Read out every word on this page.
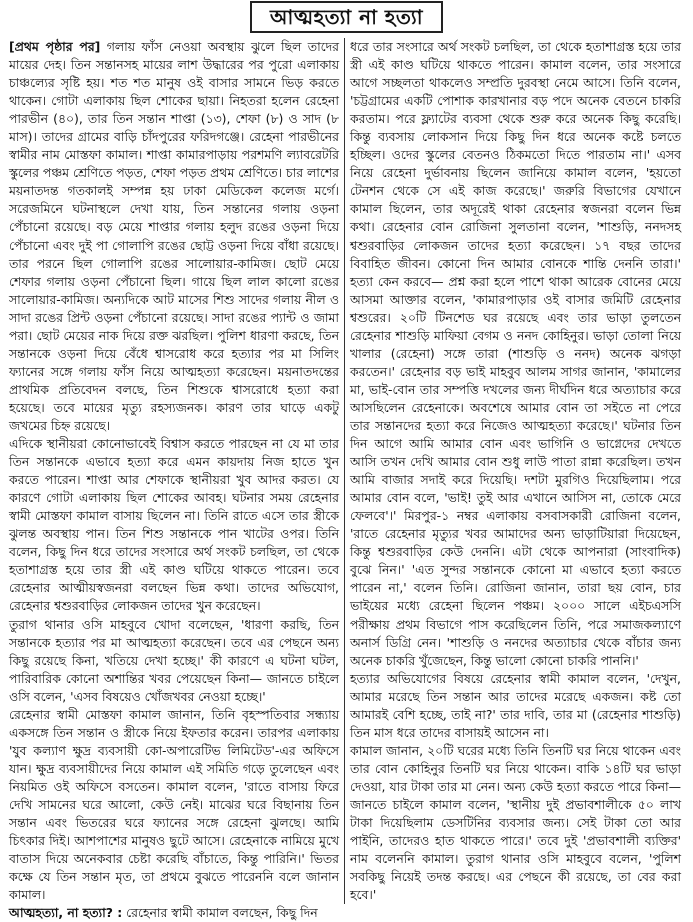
আত্মহত্যা না হত্যা

[প্রথম পৃষ্ঠার পর] গলায় ফাঁস নেওয়া অবস্থায় ঝুলে ছিল তাদের মায়ের দেহ। তিন সন্তানসহ মায়ের লাশ উদ্ধারের পর পুরো এলাকায় চাঞ্চল্যের সৃষ্টি হয়। শত শত মানুষ ওই বাসার সামনে ভিড় করতে থাকেন। গোটা এলাকায় ছিল শোকের ছায়া। নিহতরা হলেন রেহেনা পারভীন (৪০), তার তিন সন্তান শাপ্তা (১৩), শেফা (৮) ও সাদ (৮ মাস)। তাদের গ্রামের বাড়ি চাঁদপুরের ফরিদগঞ্জে। রেহেনা পারভীনের স্বামীর নাম মোস্তফা কামাল। শাপ্তা কামারপাড়ায় পরশমণি ল্যাবরেটরি স্কুলের পঞ্চম শ্রেণিতে পড়ত, শেফা পড়ত প্রথম শ্রেণিতে। চার লাশের ময়নাতদন্ত গতকালই সম্পন্ন হয় ঢাকা মেডিকেল কলেজ মর্গে। সরেজমিনে ঘটনাস্থলে দেখা যায়, তিন সন্তানের গলায় ওড়না পেঁচানো রয়েছে। বড় মেয়ে শাপ্তার গলায় হলুদ রঙের ওড়না দিয়ে পেঁচানো এবং দুই পা গোলাপি রঙের ছোট্ট ওড়না দিয়ে বাঁধা রয়েছে। তার পরনে ছিল গোলাপি রঙের সালোয়ার-কামিজ। ছোট মেয়ে শেফার গলায় ওড়না পেঁচানো ছিল। গায়ে ছিল লাল কালো রঙের সালোয়ার-কামিজ। অন্যদিকে আট মাসের শিশু সাদের গলায় নীল ও সাদা রঙের প্রিন্ট ওড়না পেঁচানো রয়েছে। সাদা রঙের প্যান্ট ও জামা পরা। ছোট মেয়ের নাক দিয়ে রক্ত ঝরছিল। পুলিশ ধারণা করছে, তিন সন্তানকে ওড়না দিয়ে বেঁধে শ্বাসরোধ করে হত্যার পর মা সিলিং ফ্যানের সঙ্গে গলায় ফাঁস নিয়ে আত্মহত্যা করেছেন। ময়নাতদন্তের প্রাথমিক প্রতিবেদন বলছে, তিন শিশুকে শ্বাসরোধে হত্যা করা হয়েছে। তবে মায়ের মৃত্যু রহস্যজনক। কারণ তার ঘাড়ে একটু জখমের চিহ্ন রয়েছে।

এদিকে স্থানীয়রা কোনোভাবেই বিশ্বাস করতে পারছেন না যে মা তার তিন সন্তানকে এভাবে হত্যা করে এমন কায়দায় নিজ হাতে খুন করতে পারেন। শাপ্তা আর শেফাকে স্থানীয়রা খুব আদর করত। যে কারণে গোটা এলাকায় ছিল শোকের আবহ। ঘটনার সময় রেহেনার স্বামী মোস্তফা কামাল বাসায় ছিলেন না। তিনি রাতে এসে তার স্ত্রীকে ঝুলন্ত অবস্থায় পান। তিন শিশু সন্তানকে পান খাটের ওপর। তিনি বলেন, কিছু দিন ধরে তাদের সংসারে অর্থ সংকট চলছিল, তা থেকে হতাশাগ্রস্ত হয়ে তার স্ত্রী এই কাণ্ড ঘটিয়ে থাকতে পারেন। তবে রেহেনার আত্মীয়স্বজনরা বলছেন ভিন্ন কথা। তাদের অভিযোগ, রেহেনার শ্বশুরবাড়ির লোকজন তাদের খুন করেছেন।

তুরাগ থানার ওসি মাহবুবে খোদা বলেছেন, 'ধারণা করছি, তিন সন্তানকে হত্যার পর মা আত্মহত্যা করেছেন। তবে এর পেছনে অন্য কিছু রয়েছে কিনা, খতিয়ে দেখা হচ্ছে।' কী কারণে এ ঘটনা ঘটল, পারিবারিক কোনো অশান্তির খবর পেয়েছেন কিনা— জানতে চাইলে ওসি বলেন, 'এসব বিষয়েও খোঁজখবর নেওয়া হচ্ছে।'

রেহেনার স্বামী মোস্তফা কামাল জানান, তিনি বৃহস্পতিবার সন্ধ্যায় একসঙ্গে তিন সন্তান ও স্ত্রীকে নিয়ে ইফতার করেন। তারপর এলাকায় 'যুব কল্যাণ ক্ষুদ্র ব্যবসায়ী কো-অপারেটিভ লিমিটেড'-এর অফিসে যান। ক্ষুদ্র ব্যবসায়ীদের নিয়ে কামাল এই সমিতি গড়ে তুলেছেন এবং নিয়মিত ওই অফিসে বসতেন। কামাল বলেন, 'রাতে বাসায় ফিরে দেখি সামনের ঘরে আলো, কেউ নেই। মাঝের ঘরে বিছানায় তিন সন্তান এবং ভিতরের ঘরে ফ্যানের সঙ্গে রেহেনা ঝুলছে। আমি চিৎকার দিই। আশপাশের মানুষও ছুটে আসে। রেহেনাকে নামিয়ে মুখে বাতাস দিয়ে অনেকবার চেষ্টা করেছি বাঁচাতে, কিন্তু পারিনি।' ভিতর কক্ষে যে তিন সন্তান মৃত, তা প্রথমে বুঝতে পারেননি বলে জানান কামাল।

আত্মহত্যা, না হত্যা? : রেহেনার স্বামী কামাল বলছেন, কিছু দিন

ধরে তার সংসারে অর্থ সংকট চলছিল, তা থেকে হতাশাগ্রস্ত হয়ে তার স্ত্রী এই কাণ্ড ঘটিয়ে থাকতে পারেন। কামাল বলেন, তার সংসারে আগে সচ্ছলতা থাকলেও সম্প্রতি দুরবস্থা নেমে আসে। তিনি বলেন, 'চট্টগ্রামের একটি পোশাক কারখানার বড় পদে অনেক বেতনে চাকরি করতাম। পরে ফ্ল্যাটের ব্যবসা থেকে শুরু করে অনেক কিছু করেছি। কিন্তু ব্যবসায় লোকসান দিয়ে কিছু দিন ধরে অনেক কষ্টে চলতে হচ্ছিল। ওদের স্কুলের বেতনও ঠিকমতো দিতে পারতাম না।' এসব নিয়ে রেহেনা দুর্ভাবনায় ছিলেন জানিয়ে কামাল বলেন, 'হয়তো টেনশন থেকে সে এই কাজ করেছে।' জরুরি বিভাগের যেখানে কামাল ছিলেন, তার অদূরেই থাকা রেহেনার স্বজনরা বলেন ভিন্ন কথা। রেহেনার বোন রোজিনা সুলতানা বলেন, 'শাশুড়ি, ননদসহ শ্বশুরবাড়ির লোকজন তাদের হত্যা করেছেন। ১৭ বছর তাদের বিবাহিত জীবন। কোনো দিন আমার বোনকে শান্তি দেননি তারা।' হত্যা কেন করবে— প্রশ্ন করা হলে পাশে থাকা আরেক বোনের মেয়ে আসমা আক্তার বলেন, 'কামারপাড়ার ওই বাসার জমিটি রেহেনার শ্বশুরের। ২০টি টিনশেড ঘর রয়েছে এবং তার ভাড়া তুলতেন রেহেনার শাশুড়ি মাফিয়া বেগম ও ননদ কোহিনুর। ভাড়া তোলা নিয়ে খালার (রেহেনা) সঙ্গে তারা (শাশুড়ি ও ননদ) অনেক ঝগড়া করতেন।' রেহেনার বড় ভাই মাহবুব আলম সাগর জানান, 'কামালের মা, ভাই-বোন তার সম্পত্তি দখলের জন্য দীর্ঘদিন ধরে অত্যাচার করে আসছিলেন রেহেনাকে। অবশেষে আমার বোন তা সইতে না পেরে তার সন্তানদের হত্যা করে নিজেও আত্মহত্যা করেছে।' ঘটনার তিন দিন আগে আমি আমার বোন এবং ভাগিনি ও ভাগ্নেদের দেখতে আসি তখন দেখি আমার বোন শুধু লাউ পাতা রান্না করেছিল। তখন আমি বাজার সদাই করে দিয়েছি। দশটা মুরগিও দিয়েছিলাম। পরে আমার বোন বলে, 'ভাই! তুই আর এখানে আসিস না, তোকে মেরে ফেলবে'।' মিরপুর-১ নম্বর এলাকায় বসবাসকারী রোজিনা বলেন, 'রাতে রেহেনার মৃত্যুর খবর আমাদের অন্য ভাড়াটিয়ারা দিয়েছেন, কিন্তু শ্বশুরবাড়ির কেউ দেননি। এটা থেকে আপনারা (সাংবাদিক) বুঝে নিন।' 'এত সুন্দর সন্তানকে কোনো মা এভাবে হত্যা করতে পারেন না,' বলেন তিনি। রোজিনা জানান, তারা ছয় বোন, চার ভাইয়ের মধ্যে রেহেনা ছিলেন পঞ্চম। ২০০০ সালে এইচএসসি পরীক্ষায় প্রথম বিভাগে পাস করেছিলেন তিনি, পরে সমাজকল্যাণে অনার্স ডিগ্রি নেন। 'শাশুড়ি ও ননদের অত্যাচার থেকে বাঁচার জন্য অনেক চাকরি খুঁজেছেন, কিন্তু ভালো কোনো চাকরি পাননি।'

হত্যার অভিযোগের বিষয়ে রেহেনার স্বামী কামাল বলেন, 'দেখুন, আমার মরেছে তিন সন্তান আর তাদের মরেছে একজন। কষ্ট তো আমারই বেশি হচ্ছে, তাই না?' তার দাবি, তার মা (রেহেনার শাশুড়ি) তিন মাস ধরে তাদের বাসায়ই আসেন না।

কামাল জানান, ২০টি ঘরের মধ্যে তিনি তিনটি ঘর নিয়ে থাকেন এবং তার বোন কোহিনুর তিনটি ঘর নিয়ে থাকেন। বাকি ১৪টি ঘর ভাড়া দেওয়া, যার টাকা তার মা নেন। অন্য কেউ হত্যা করতে পারে কিনা— জানতে চাইলে কামাল বলেন, 'স্থানীয় দুই প্রভাবশালীকে ৫০ লাখ টাকা দিয়েছিলাম ডেসটিনির ব্যবসার জন্য। সেই টাকা তো আর পাইনি, তাদেরও হাত থাকতে পারে।' তবে দুই 'প্রভাবশালী ব্যক্তির' নাম বলেননি কামাল। তুরাগ থানার ওসি মাহবুবে বলেন, 'পুলিশ সবকিছু নিয়েই তদন্ত করছে। এর পেছনে কী রয়েছে, তা বের করা হবে।'
